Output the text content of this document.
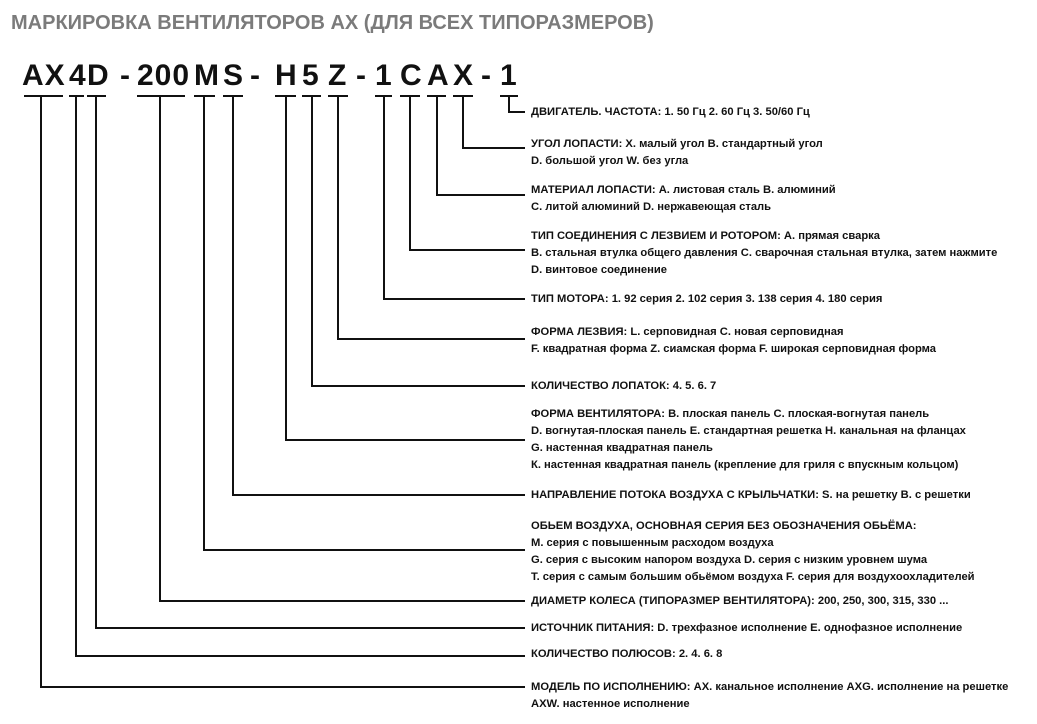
МАРКИРОВКА ВЕНТИЛЯТОРОВ АХ (ДЛЯ ВСЕХ ТИПОРАЗМЕРОВ)
AX 4 D - 200 M S - H 5 Z - 1 C A X - 1
ДВИГАТЕЛЬ. ЧАСТОТА: 1. 50 Гц 2. 60 Гц 3. 50/60 Гц
УГОЛ ЛОПАСТИ: X. малый угол B. стандартный угол
D. большой угол W. без угла
МАТЕРИАЛ ЛОПАСТИ: А. листовая сталь В. алюминий
С. литой алюминий D. нержавеющая сталь
ТИП СОЕДИНЕНИЯ С ЛЕЗВИЕМ И РОТОРОМ: А. прямая сварка
В. стальная втулка общего давления С. сварочная стальная втулка, затем нажмите
D. винтовое соединение
ТИП МОТОРА: 1. 92 серия 2. 102 серия 3. 138 серия 4. 180 серия
ФОРМА ЛЕЗВИЯ: L. серповидная С. новая серповидная
F. квадратная форма Z. сиамская форма F. широкая серповидная форма
КОЛИЧЕСТВО ЛОПАТОК: 4. 5. 6. 7
ФОРМА ВЕНТИЛЯТОРА: В. плоская панель С. плоская-вогнутая панель
D. вогнутая-плоская панель Е. стандартная решетка Н. канальная на фланцах
G. настенная квадратная панель
К. настенная квадратная панель (крепление для гриля с впускным кольцом)
НАПРАВЛЕНИЕ ПОТОКА ВОЗДУХА С КРЫЛЬЧАТКИ: S. на решетку В. с решетки
ОБЬЕМ ВОЗДУХА, ОСНОВНАЯ СЕРИЯ БЕЗ ОБОЗНАЧЕНИЯ ОБЬЁМА:
М. серия с повышенным расходом воздуха
G. серия с высоким напором воздуха D. серия с низким уровнем шума
Т. серия с самым большим обьёмом воздуха F. серия для воздухоохладителей
ДИАМЕТР КОЛЕСА (ТИПОРАЗМЕР ВЕНТИЛЯТОРА): 200, 250, 300, 315, 330 ...
ИСТОЧНИК ПИТАНИЯ: D. трехфазное исполнение Е. однофазное исполнение
КОЛИЧЕСТВО ПОЛЮСОВ: 2. 4. 6. 8
МОДЕЛЬ ПО ИСПОЛНЕНИЮ: АХ. канальное исполнение AXG. исполнение на решетке
АХW. настенное исполнение
